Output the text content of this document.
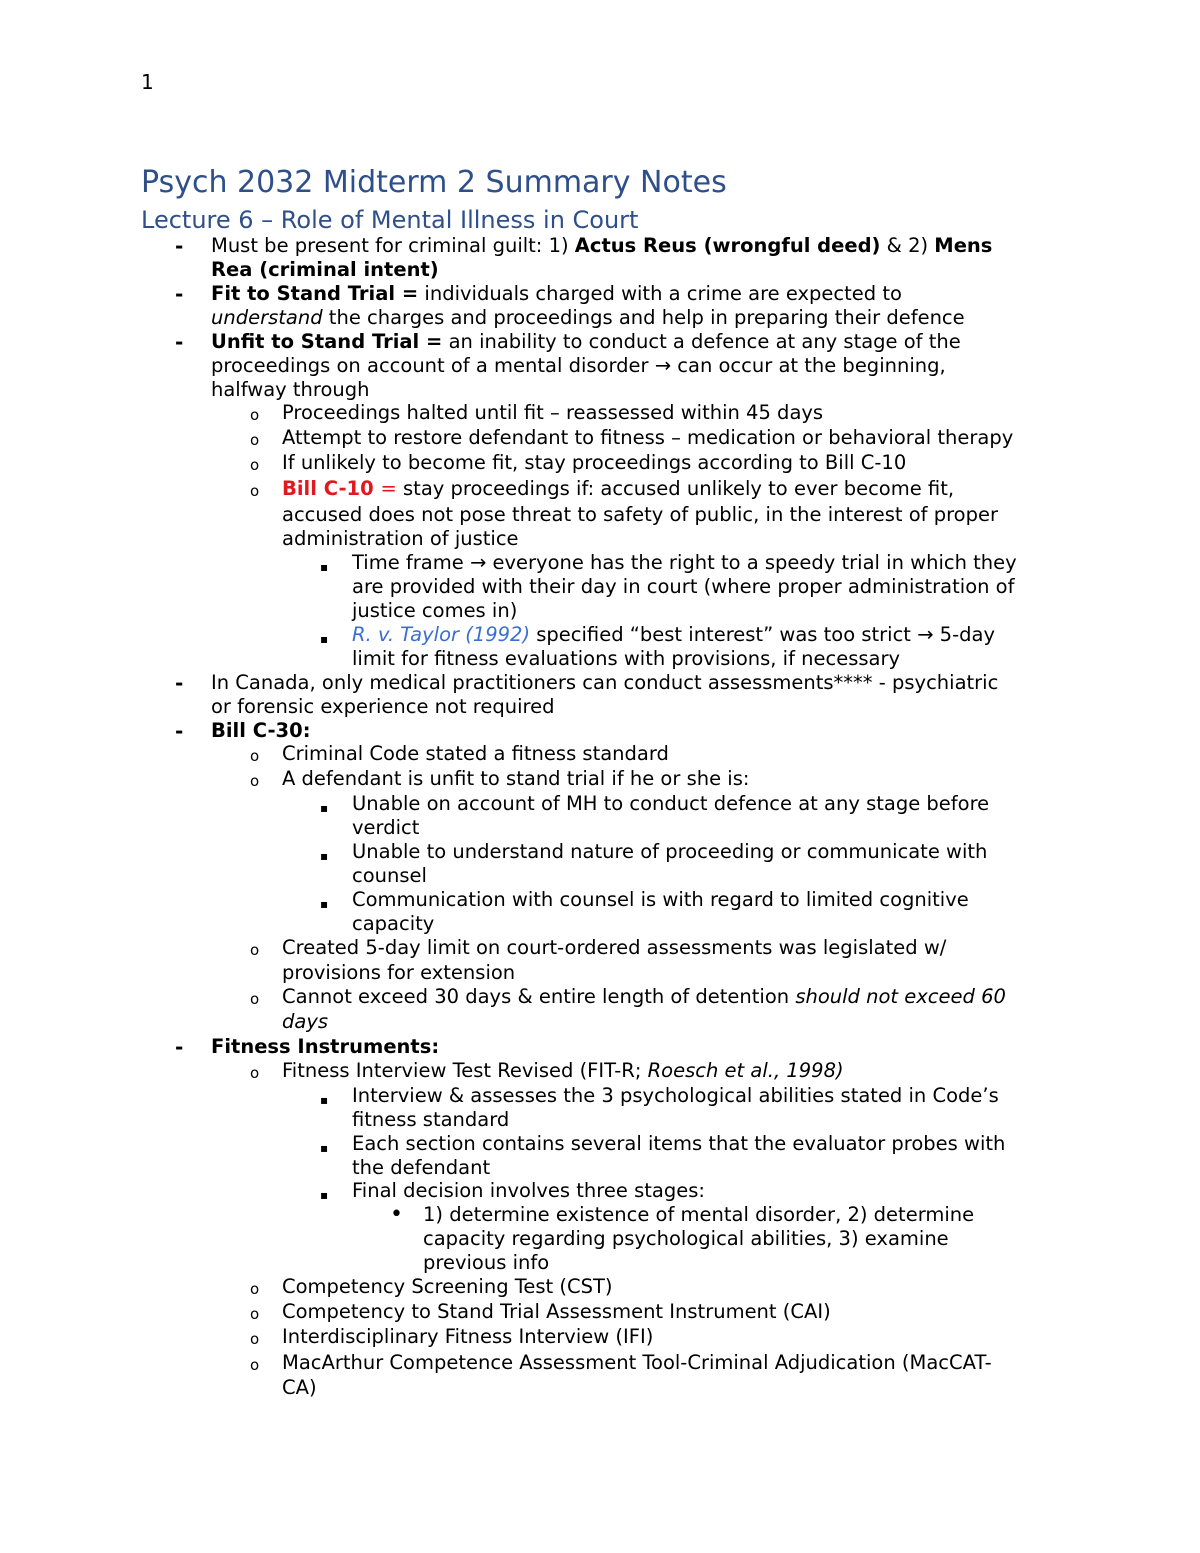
1
Psych 2032 Midterm 2 Summary Notes
Lecture 6 – Role of Mental Illness in Court
- Must be present for criminal guilt: 1) Actus Reus (wrongful deed) & 2) Mens
Rea (criminal intent)
- Fit to Stand Trial = individuals charged with a crime are expected to
understand the charges and proceedings and help in preparing their defence
- Unfit to Stand Trial = an inability to conduct a defence at any stage of the
proceedings on account of a mental disorder → can occur at the beginning,
halfway through
o Proceedings halted until fit – reassessed within 45 days
o Attempt to restore defendant to fitness – medication or behavioral therapy
o If unlikely to become fit, stay proceedings according to Bill C-10
o Bill C-10 = stay proceedings if: accused unlikely to ever become fit,
accused does not pose threat to safety of public, in the interest of proper
administration of justice
▪ Time frame → everyone has the right to a speedy trial in which they
are provided with their day in court (where proper administration of
justice comes in)
▪ R. v. Taylor (1992) specified “best interest” was too strict → 5-day
limit for fitness evaluations with provisions, if necessary
- In Canada, only medical practitioners can conduct assessments**** - psychiatric
or forensic experience not required
- Bill C-30:
o Criminal Code stated a fitness standard
o A defendant is unfit to stand trial if he or she is:
▪ Unable on account of MH to conduct defence at any stage before
verdict
▪ Unable to understand nature of proceeding or communicate with
counsel
▪ Communication with counsel is with regard to limited cognitive
capacity
o Created 5-day limit on court-ordered assessments was legislated w/
provisions for extension
o Cannot exceed 30 days & entire length of detention should not exceed 60
days
- Fitness Instruments:
o Fitness Interview Test Revised (FIT-R; Roesch et al., 1998)
▪ Interview & assesses the 3 psychological abilities stated in Code’s
fitness standard
▪ Each section contains several items that the evaluator probes with
the defendant
▪ Final decision involves three stages:
• 1) determine existence of mental disorder, 2) determine
capacity regarding psychological abilities, 3) examine
previous info
o Competency Screening Test (CST)
o Competency to Stand Trial Assessment Instrument (CAI)
o Interdisciplinary Fitness Interview (IFI)
o MacArthur Competence Assessment Tool-Criminal Adjudication (MacCAT-
CA)
